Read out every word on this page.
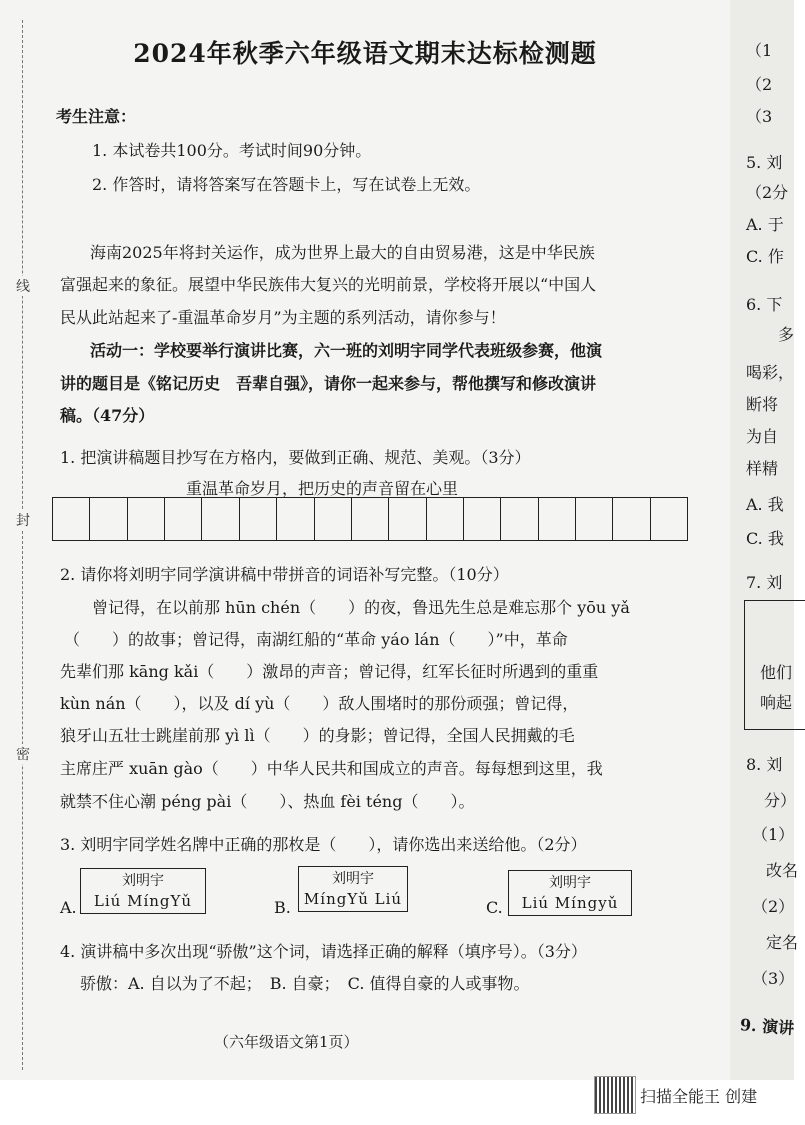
线
封
密
2024年秋季六年级语文期末达标检测题
考生注意：
1. 本试卷共100分。考试时间90分钟。
2. 作答时，请将答案写在答题卡上，写在试卷上无效。
海南2025年将封关运作，成为世界上最大的自由贸易港，这是中华民族
富强起来的象征。展望中华民族伟大复兴的光明前景，学校将开展以“中国人
民从此站起来了-重温革命岁月”为主题的系列活动，请你参与！
活动一：学校要举行演讲比赛，六一班的刘明宇同学代表班级参赛，他演
讲的题目是《铭记历史　吾辈自强》，请你一起来参与，帮他撰写和修改演讲
稿。（47分）
1. 把演讲稿题目抄写在方格内，要做到正确、规范、美观。（3分）
重温革命岁月，把历史的声音留在心里
2. 请你将刘明宇同学演讲稿中带拼音的词语补写完整。（10分）
　　曾记得，在以前那 hūn chén（　　）的夜，鲁迅先生总是难忘那个 yōu yǎ
（　　）的故事；曾记得，南湖红船的“革命 yáo lán（　　）”中，革命
先辈们那 kāng kǎi（　　）激昂的声音；曾记得，红军长征时所遇到的重重
kùn nán（　　），以及 dí yù（　　）敌人围堵时的那份顽强；曾记得，
狼牙山五壮士跳崖前那 yì lì（　　）的身影；曾记得，全国人民拥戴的毛
主席庄严 xuān gào（　　）中华人民共和国成立的声音。每每想到这里，我
就禁不住心潮 péng pài（　　）、热血 fèi téng（　　）。
3. 刘明宇同学姓名牌中正确的那枚是（　　），请你选出来送给他。（2分）
A.
刘明宇
Liú MíngYǔ	B.
刘明宇
MíngYǔ Liú	C.
刘明宇
Liú Míngyǔ
4. 演讲稿中多次出现“骄傲”这个词，请选择正确的解释（填序号）。（3分）
骄傲：A. 自以为了不起；　B. 自豪；　C. 值得自豪的人或事物。
（六年级语文第1页）
（1
（2
（3
5. 刘
（2分
A. 于
C. 作
6. 下
多
喝彩，
断将
为自
样精
A. 我
C. 我
7. 刘
他们
响起
8. 刘
分）
（1）
改名
（2）
定名
（3）
9. 演讲
扫描全能王 创建
